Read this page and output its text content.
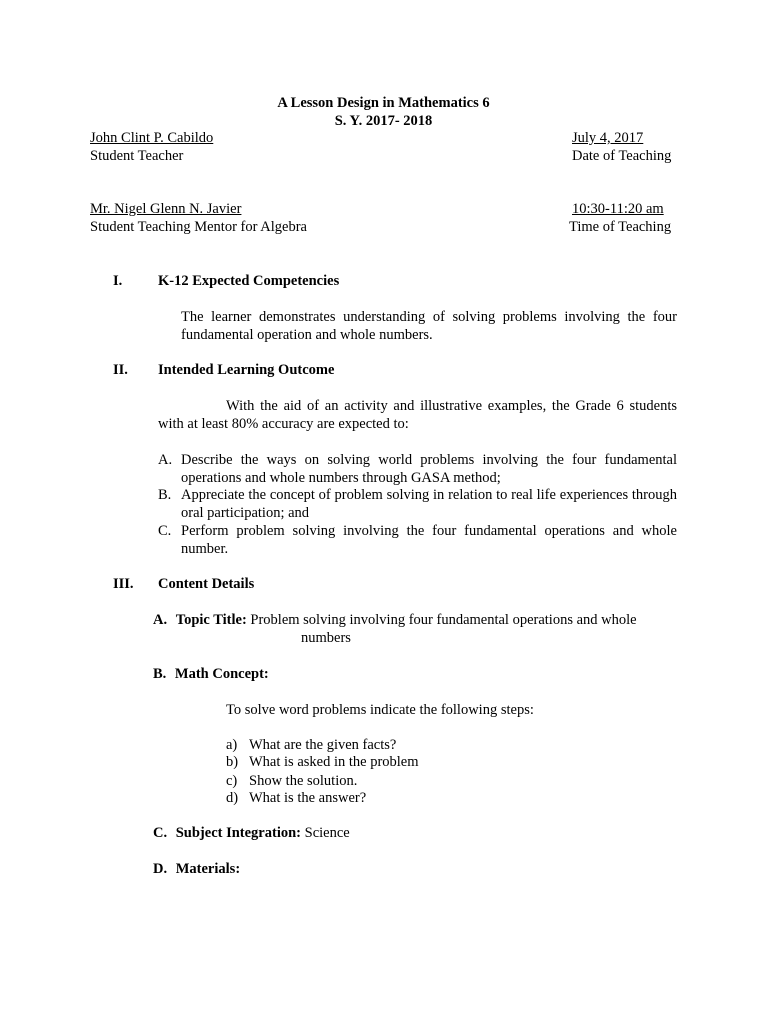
A Lesson Design in Mathematics 6
S. Y. 2017- 2018
John Clint P. Cabildo
Student Teacher
July 4, 2017
Date of Teaching
Mr. Nigel Glenn N. Javier
Student Teaching Mentor for Algebra
10:30-11:20 am
Time of Teaching
I. K-12 Expected Competencies
The learner demonstrates understanding of solving problems involving the four fundamental operation and whole numbers.
II. Intended Learning Outcome
With the aid of an activity and illustrative examples, the Grade 6 students with at least 80% accuracy are expected to:
A. Describe the ways on solving world problems involving the four fundamental operations and whole numbers through GASA method;
B. Appreciate the concept of problem solving in relation to real life experiences through oral participation; and
C. Perform problem solving involving the four fundamental operations and whole number.
III. Content Details
A. Topic Title: Problem solving involving four fundamental operations and whole
numbers
B. Math Concept:
To solve word problems indicate the following steps:
a) What are the given facts?
b) What is asked in the problem
c) Show the solution.
d) What is the answer?
C. Subject Integration: Science
D. Materials:
